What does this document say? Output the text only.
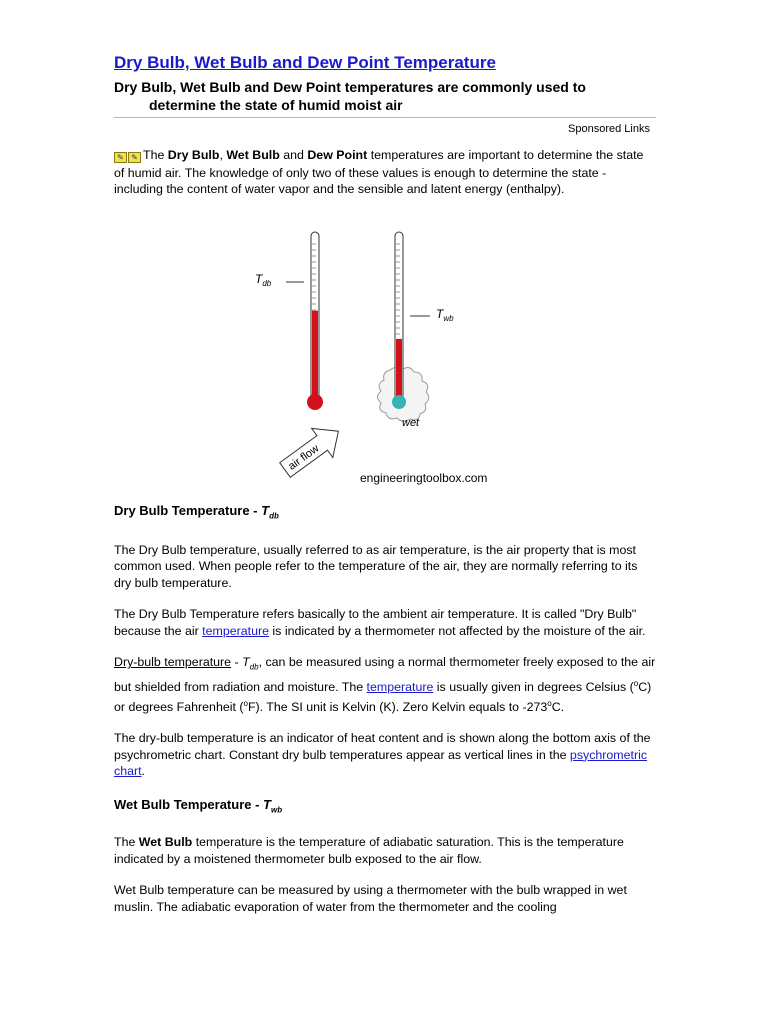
Dry Bulb, Wet Bulb and Dew Point Temperature
Dry Bulb, Wet Bulb and Dew Point temperatures are commonly used to determine the state of humid moist air
Sponsored Links

✎ ✎ The Dry Bulb, Wet Bulb and Dew Point temperatures are important to determine the state of humid air. The knowledge of only two of these values is enough to determine the state - including the content of water vapor and the sensible and latent energy (enthalpy).

$T_{db}$
$T_{wb}$
wet
air flow
engineeringtoolbox.com
Dry Bulb Temperature - $T_{db}$

The Dry Bulb temperature, usually referred to as air temperature, is the air property that is most common used. When people refer to the temperature of the air, they are normally referring to its dry bulb temperature.

The Dry Bulb Temperature refers basically to the ambient air temperature. It is called "Dry Bulb" because the air temperature is indicated by a thermometer not affected by the moisture of the air.

Dry-bulb temperature - $T_{db}$, can be measured using a normal thermometer freely exposed to the air but shielded from radiation and moisture. The temperature is usually given in degrees Celsius ($^o$C) or degrees Fahrenheit ($^o$F). The SI unit is Kelvin (K). Zero Kelvin equals to -273$^o$C.

The dry-bulb temperature is an indicator of heat content and is shown along the bottom axis of the psychrometric chart. Constant dry bulb temperatures appear as vertical lines in the psychrometric chart.

Wet Bulb Temperature - $T_{wb}$

The Wet Bulb temperature is the temperature of adiabatic saturation. This is the temperature indicated by a moistened thermometer bulb exposed to the air flow.

Wet Bulb temperature can be measured by using a thermometer with the bulb wrapped in wet muslin. The adiabatic evaporation of water from the thermometer and the cooling
